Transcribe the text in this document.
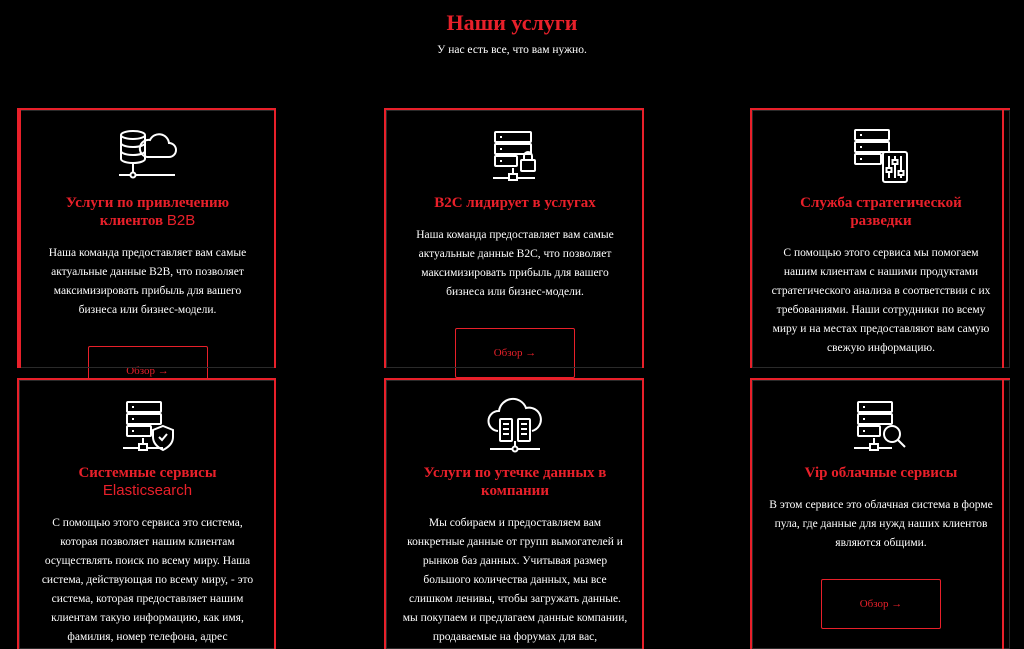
Наши услуги

У нас есть все, что вам нужно.

Услуги по привлечению клиентов B2B
Наша команда предоставляет вам самые актуальные данные B2B, что позволяет максимизировать прибыль для вашего бизнеса или бизнес-модели.
Обзор →
B2C лидирует в услугах
Наша команда предоставляет вам самые актуальные данные B2C, что позволяет максимизировать прибыль для вашего бизнеса или бизнес-модели.
Обзор →
Служба стратегической разведки
С помощью этого сервиса мы помогаем нашим клиентам с нашими продуктами стратегического анализа в соответствии с их требованиями. Наши сотрудники по всему миру и на местах предоставляют вам самую свежую информацию.
Системные сервисы
Elasticsearch
С помощью этого сервиса это система, которая позволяет нашим клиентам осуществлять поиск по всему миру. Наша система, действующая по всему миру, - это система, которая предоставляет нашим клиентам такую информацию, как имя, фамилия, номер телефона, адрес
Услуги по утечке данных в компании
Мы собираем и предоставляем вам конкретные данные от групп вымогателей и рынков баз данных. Учитывая размер большого количества данных, мы все слишком ленивы, чтобы загружать данные. мы покупаем и предлагаем данные компании, продаваемые на форумах для вас,
Vip облачные сервисы
В этом сервисе это облачная система в форме пула, где данные для нужд наших клиентов являются общими.
Обзор →
